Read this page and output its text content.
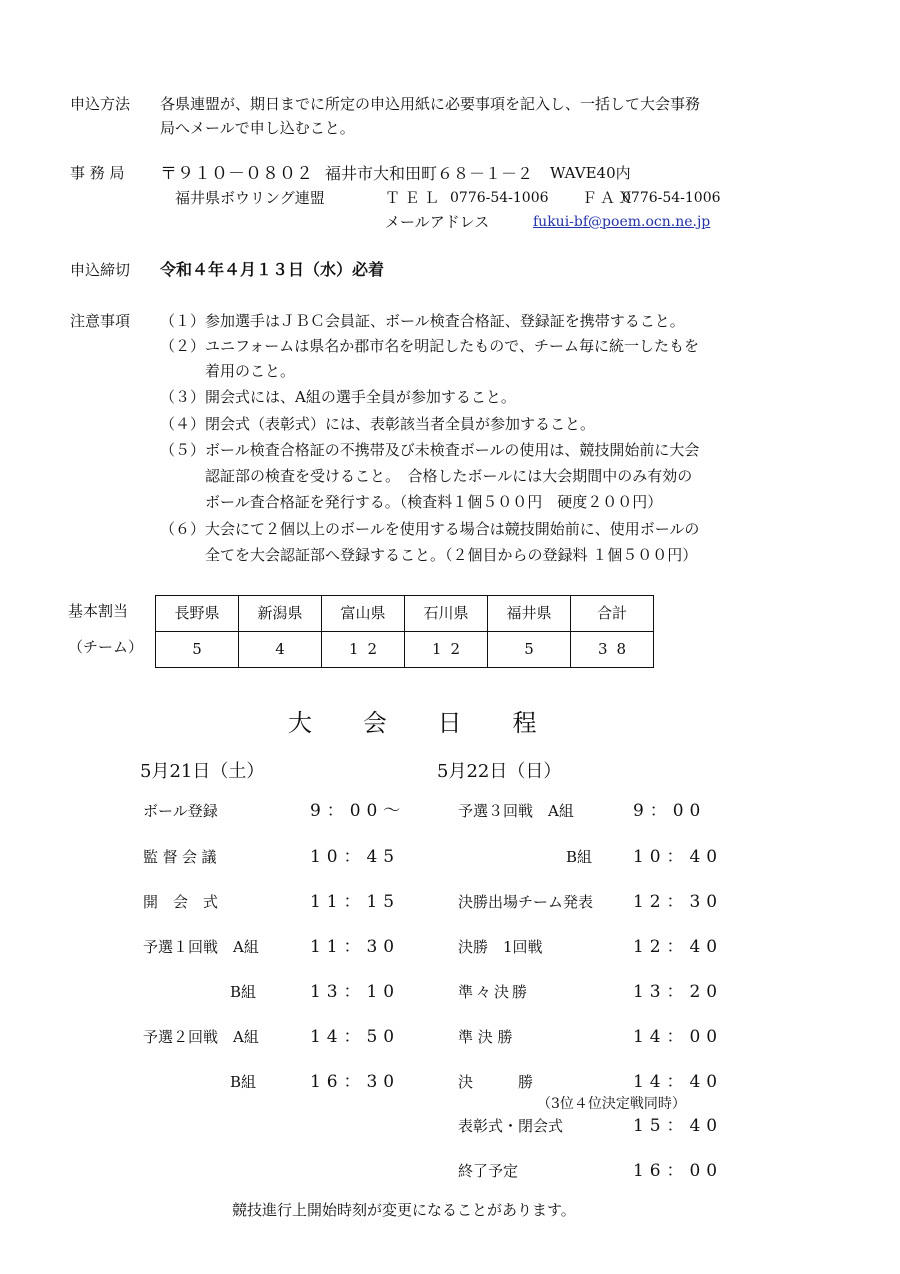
申込方法 各県連盟が、期日までに所定の申込用紙に必要事項を記入し、一括して大会事務
局へメールで申し込むこと。
事 務 局 〒９１０－０８０２ 福井市大和田町６８－１－２ WAVE40内
福井県ボウリング連盟	ＴＥＬ 0776-54-1006 ＦＡＸ
0776-54-1006
メールアドレス	fukui-bf@poem.ocn.ne.jp
申込締切 令和４年４月１３日（水）必着
注意事項 （１） 参加選手はＪＢＣ会員証、ボール検査合格証、登録証を携帯すること。
（２） ユニフォームは県名か郡市名を明記したもので、チーム毎に統一したもを
着用のこと。
（３） 開会式には、A組の選手全員が参加すること。
（４） 閉会式（表彰式）には、表彰該当者全員が参加すること。
（５） ボール検査合格証の不携帯及び未検査ボールの使用は、競技開始前に大会
認証部の検査を受けること。　合格したボールには大会期間中のみ有効の
ボール査合格証を発行する。（検査料１個５００円　硬度２００円）
（６） 大会にて２個以上のボールを使用する場合は競技開始前に、使用ボールの
全てを大会認証部へ登録すること。（２個目からの登録料 １個５００円）
基本割当
（チーム）
長野県	新潟県	富山県	石川県	福井県	合計
5	4	12	12	5	38
大 会 日 程
5月21日（土）	5月22日（日）
ボール登録	9：00～
監督会議	10：45
開　会　式	11：15
予選１回戦　A組	11：30
B組	13：10
予選２回戦　A組	14：50
B組	16：30
予選３回戦　A組	9：00
B組 10：40
決勝出場チーム発表 12：30
決勝　1回戦	12：40
準々決勝	13：20
準 決 勝	14：00
決　　　勝	14：40
（3位４位決定戦同時）
表彰式・閉会式	15：40
終了予定	16：00
競技進行上開始時刻が変更になることがあります。
